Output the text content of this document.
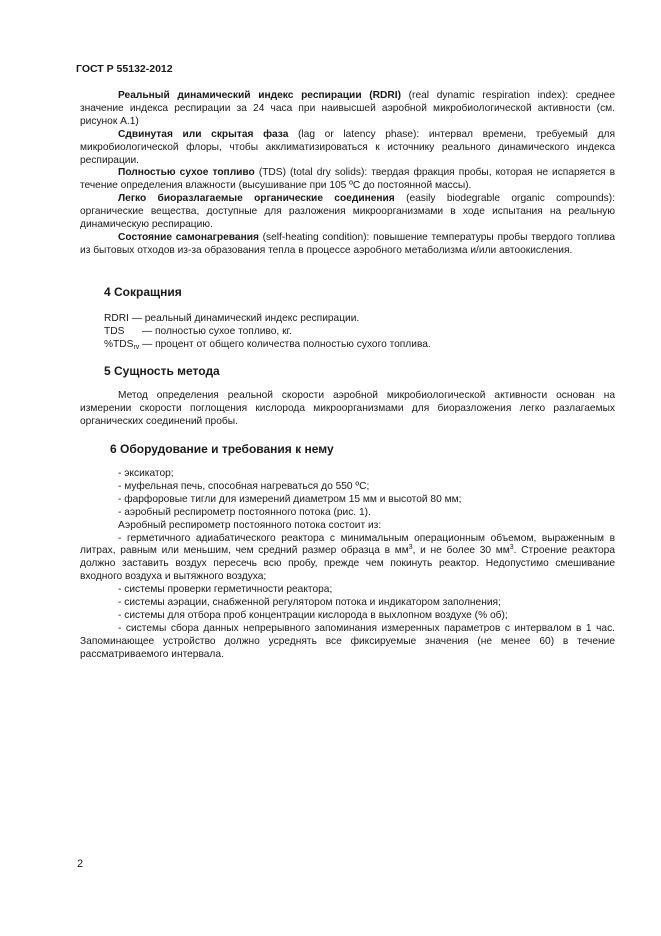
ГОСТ Р 55132-2012

Реальный динамический индекс респирации (RDRI) (real dynamic respiration index): среднее значение индекса респирации за 24 часа при наивысшей аэробной микробиологической активности (см. рисунок А.1)

Сдвинутая или скрытая фаза (lag or latency phase): интервал времени, требуемый для микробиологической флоры, чтобы акклиматизироваться к источнику реального динамического индекса респирации.

Полностью сухое топливо (TDS) (total dry solids): твердая фракция пробы, которая не испаряется в течение определения влажности (высушивание при 105 ºС до постоянной массы).

Легко биоразлагаемые органические соединения (easily biodegrable organic compounds): органические вещества, доступные для разложения микроорганизмами в ходе испытания на реальную динамическую респирацию.

Состояние самонагревания (self-heating condition): повышение температуры пробы твердого топлива из бытовых отходов из-за образования тепла в процессе аэробного метаболизма и/или автоокисления.

4 Сокращния

RDRI — реальный динамический индекс респирации.

TDS — полностью сухое топливо, кг.

$\%TDS_{rv}$ — процент от общего количества полностью сухого топлива.

5 Сущность метода

Метод определения реальной скорости аэробной микробиологической активности основан на измерении скорости поглощения кислорода микроорганизмами для биоразложения легко разлагаемых органических соединений пробы.

6 Оборудование и требования к нему

- эксикатор;

- муфельная печь, способная нагреваться до 550 ºС;

- фарфоровые тигли для измерений диаметром 15 мм и высотой 80 мм;

- аэробный респирометр постоянного потока (рис. 1).

Аэробный респирометр постоянного потока состоит из:

- герметичного адиабатического реактора с минимальным операционным объемом, выраженным в литрах, равным или меньшим, чем средний размер образца в $мм^3$, и не более 30 $мм^3$. Строение реактора должно заставить воздух пересечь всю пробу, прежде чем покинуть реактор. Недопустимо смешивание входного воздуха и вытяжного воздуха;

- системы проверки герметичности реактора;

- системы аэрации, снабженной регулятором потока и индикатором заполнения;

- системы для отбора проб концентрации кислорода в выхлопном воздухе (% об);

- системы сбора данных непрерывного запоминания измеренных параметров с интервалом в 1 час. Запоминающее устройство должно усреднять все фиксируемые значения (не менее 60) в течение рассматриваемого интервала.

2
